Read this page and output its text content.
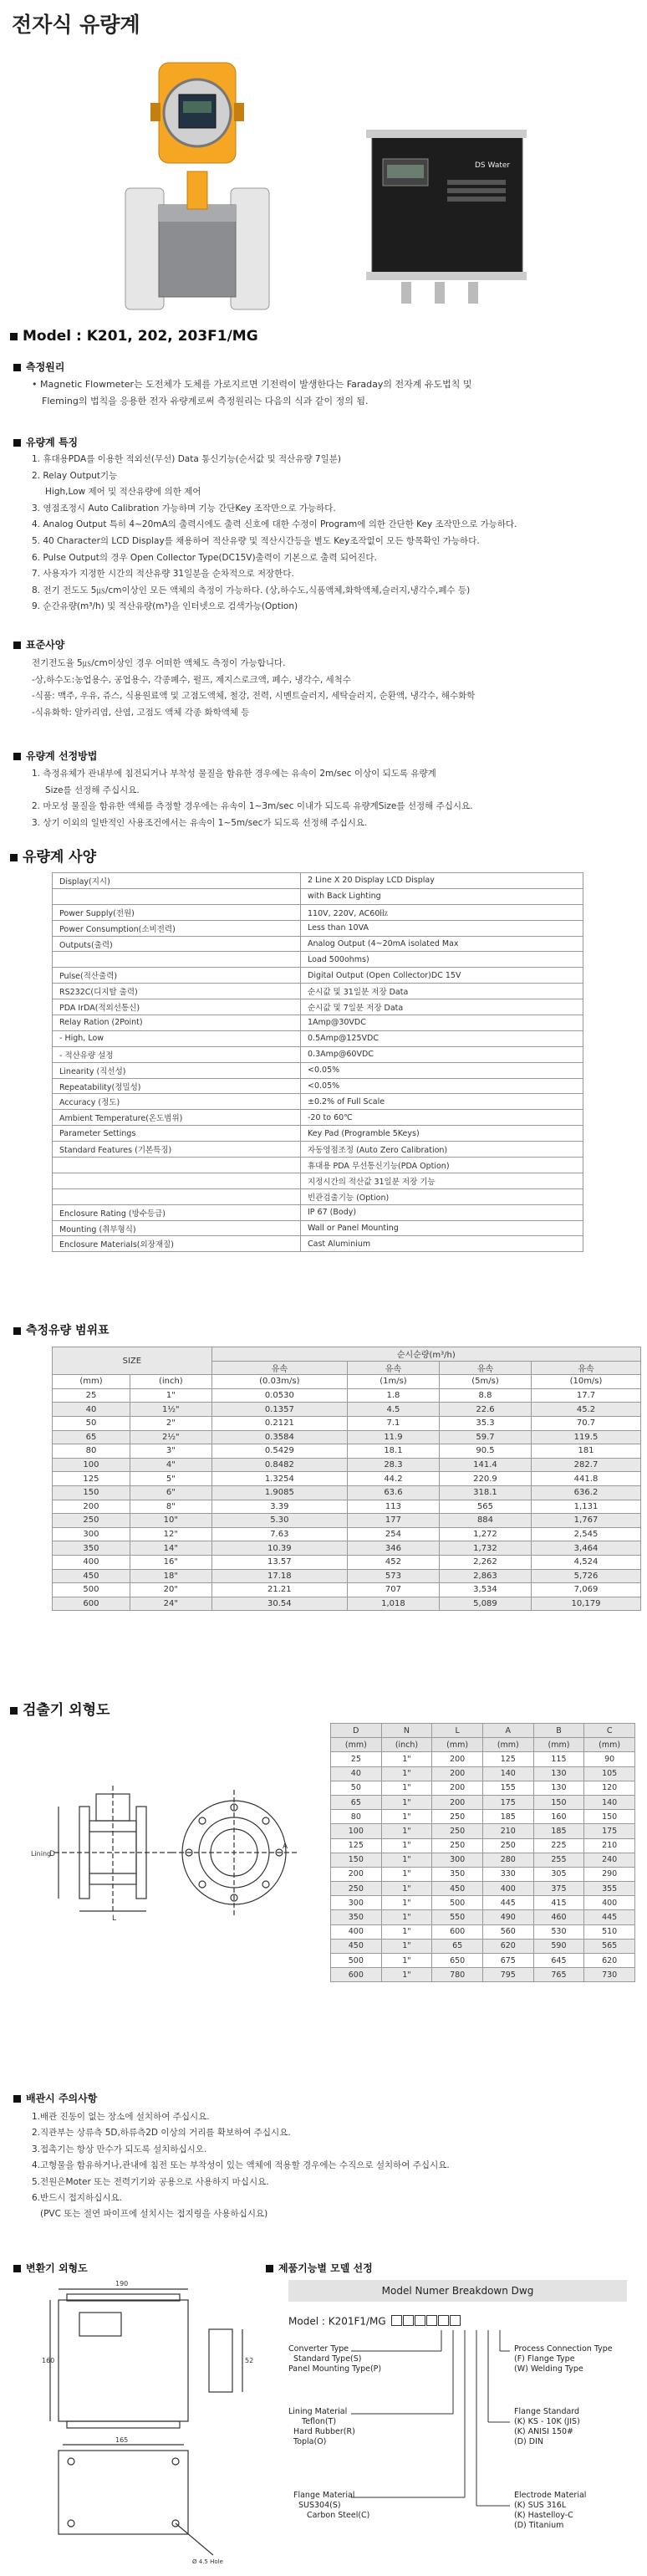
전자식 유량계
DS Water
Model : K201, 202, 203F1/MG
측정원리
• Magnetic Flowmeter는 도전체가 도체를 가로지르면 기전력이 발생한다는 Faraday의 전자계 유도법칙 및
Fleming의 법칙을 응용한 전자 유량계로써 측정원리는 다음의 식과 같이 정의 됨.
유량계 특징
1. 휴대용PDA를 이용한 적외선(무선) Data 통신기능(순서값 및 적산유량 7일분)
2. Relay Output기능
High,Low 제어 및 적산유량에 의한 제어
3. 영점조정시 Auto Calibration 가능하며 기능 간단Key 조작만으로 가능하다.
4. Analog Output 특히 4~20mA의 출력시에도 출력 신호에 대한 수정이 Program에 의한 간단한 Key 조작만으로 가능하다.
5. 40 Character의 LCD Display를 채용하여 적산유량 및 적산시간등을 별도 Key조작없이 모든 항목확인 가능하다.
6. Pulse Output의 경우 Open Collector Type(DC15V)출력이 기본으로 출력 되어진다.
7. 사용자가 지정한 시간의 적산유량 31일분을 순차적으로 저장한다.
8. 전기 전도도 5㎲/cm이상인 모든 액체의 측정이 가능하다. (상,하수도,식품액체,화학액체,슬러지,냉각수,폐수 등)
9. 순간유량(m³/h) 및 적산유량(m³)을 인터넷으로 검색가능(Option)
표준사양
전기전도율 5㎲/cm이상인 경우 어떠한 액체도 측정이 가능합니다.
-상,하수도:농업용수, 공업용수, 각종폐수, 펄프, 제지스로크액, 폐수, 냉각수, 세척수
-식품: 맥주, 우유, 쥬스, 식용원료액 및 고점도액체, 철강, 전력, 시멘트슬러지, 세탁슬러지, 순환액, 냉각수, 해수화학
-식유화학: 알카리염, 산염, 고점도 액체 각종 화학액체 등
유량계 선정방법
1. 측정유체가 관내부에 침전되거나 부착성 물질을 함유한 경우에는 유속이 2m/sec 이상이 되도록 유량계
Size를 선정해 주십시요.
2. 마모성 물질을 함유한 액체를 측정할 경우에는 유속이 1~3m/sec 이내가 되도록 유량계Size를 선정해 주십시요.
3. 상기 이외의 일반적인 사용조건에서는 유속이 1~5m/sec가 되도록 선정해 주십시요.
유량계 사양
Display(지시)	2 Line X 20 Display LCD Display
	with Back Lighting
Power Supply(전원)	110V, 220V, AC60㎐
Power Consumption(소비전력)	Less than 10VA
Outputs(출력)	Analog Output (4~20mA isolated Max
	Load 500ohms)
Pulse(적산출력)	Digital Output (Open Collector)DC 15V
RS232C(디지탈 출력)	순시값 및 31일분 저장 Data
PDA IrDA(적외선통신)	순시값 및 7일분 저장 Data
Relay Ration (2Point)	1Amp@30VDC
- High, Low	0.5Amp@125VDC
- 적산유량 설정	0.3Amp@60VDC
Linearity (직선성)	<0.05%
Repeatability(정밀성)	<0.05%
Accuracy (정도)	±0.2% of Full Scale
Ambient Temperature(온도범위)	-20 to 60℃
Parameter Settings	Key Pad (Programble 5Keys)
Standard Features (기본특징)	자동영점조정 (Auto Zero Calibration)
	휴대용 PDA 무선통신기능(PDA Option)
	지정시간의 적산값 31일분 저장 기능
	빈관검출기능 (Option)
Enclosure Rating (방수등급)	IP 67 (Body)
Mounting (취부형식)	Wall or Panel Mounting
Enclosure Materials(외장재질)	Cast Aluminium
측정유량 범위표
SIZE		순시순량(m³/h)			
		유속	유속	유속	유속
(mm)	(inch)	(0.03m/s)	(1m/s)	(5m/s)	(10m/s)
25	1"	0.0530	1.8	8.8	17.7
40	1½"	0.1357	4.5	22.6	45.2
50	2"	0.2121	7.1	35.3	70.7
65	2½"	0.3584	11.9	59.7	119.5
80	3"	0.5429	18.1	90.5	181
100	4"	0.8482	28.3	141.4	282.7
125	5"	1.3254	44.2	220.9	441.8
150	6"	1.9085	63.6	318.1	636.2
200	8"	3.39	113	565	1,131
250	10"	5.30	177	884	1,767
300	12"	7.63	254	1,272	2,545
350	14"	10.39	346	1,732	3,464
400	16"	13.57	452	2,262	4,524
450	18"	17.18	573	2,863	5,726
500	20"	21.21	707	3,534	7,069
600	24"	30.54	1,018	5,089	10,179
검출기 외형도
Lining
L
D
A
D	N	L	A	B	C
(mm)	(inch)	(mm)	(mm)	(mm)	(mm)
25	1"	200	125	115	90
40	1"	200	140	130	105
50	1"	200	155	130	120
65	1"	200	175	150	140
80	1"	250	185	160	150
100	1"	250	210	185	175
125	1"	250	250	225	210
150	1"	300	280	255	240
200	1"	350	330	305	290
250	1"	450	400	375	355
300	1"	500	445	415	400
350	1"	550	490	460	445
400	1"	600	560	530	510
450	1"	65	620	590	565
500	1"	650	675	645	620
600	1"	780	795	765	730
배관시 주의사항
1.배관 진동이 없는 장소에 설치하여 주십시요.
2.직관부는 상류측 5D,하류측2D 이상의 거리를 확보하여 주십시요.
3.접촉기는 항상 만수가 되도록 설치하십시오.
4.고형물을 함유하거나,관내에 침전 또는 부착성이 있는 액체에 적용할 경우에는 수직으로 설치하여 주십시요.
5.전원은Moter 또는 전력기기와 공용으로 사용하지 마십시요.
6.반드시 접지하십시요.
(PVC 또는 절연 파이프에 설치시는 접지링을 사용하십시요)
변환기 외형도
190
160	52
165
Ø 4.5 Hole
제품기능별 모델 선정
Model Numer Breakdown Dwg
Model : K201F1/MG
Converter Type
Standard Type(S)
Panel Mounting Type(P)
Lining Material
Teflon(T)
Hard Rubber(R)
Topla(O)
Flange Material
SUS304(S)
Carbon Steel(C)
Process Connection Type
(F) Flange Type
(W) Welding Type
Flange Standard
(K) KS - 10K (JIS)
(K) ANISI 150#
(D) DIN
Electrode Material
(K) SUS 316L
(K) Hastelloy-C
(D) Titanium
